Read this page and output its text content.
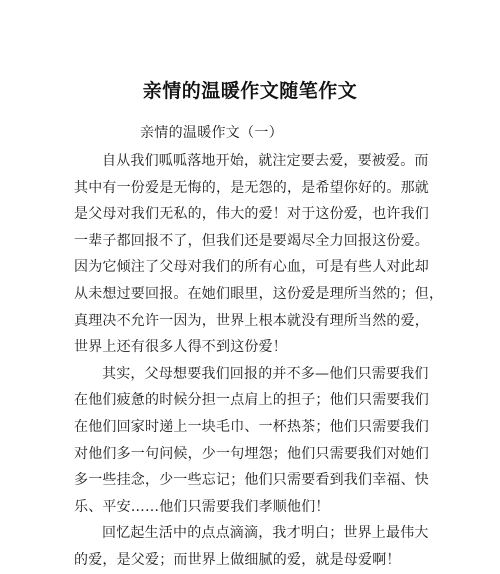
亲情的温暖作文随笔作文
亲情的温暖作文（一）
自从我们呱呱落地开始，就注定要去爱，要被爱。而
其中有一份爱是无悔的，是无怨的，是希望你好的。那就
是父母对我们无私的，伟大的爱！对于这份爱，也许我们
一辈子都回报不了，但我们还是要竭尽全力回报这份爱。
因为它倾注了父母对我们的所有心血，可是有些人对此却
从未想过要回报。在她们眼里，这份爱是理所当然的；但，
真理决不允许一因为，世界上根本就没有理所当然的爱，
世界上还有很多人得不到这份爱！
其实，父母想要我们回报的并不多—他们只需要我们
在他们疲惫的时候分担一点肩上的担子；他们只需要我们
在他们回家时递上一块毛巾、一杯热茶；他们只需要我们
对他们多一句问候，少一句埋怨；他们只需要我们对她们
多一些挂念，少一些忘记；他们只需要看到我们幸福、快
乐、平安……他们只需要我们孝顺他们！
回忆起生活中的点点滴滴，我才明白；世界上最伟大
的爱，是父爱；而世界上做细腻的爱，就是母爱啊！
